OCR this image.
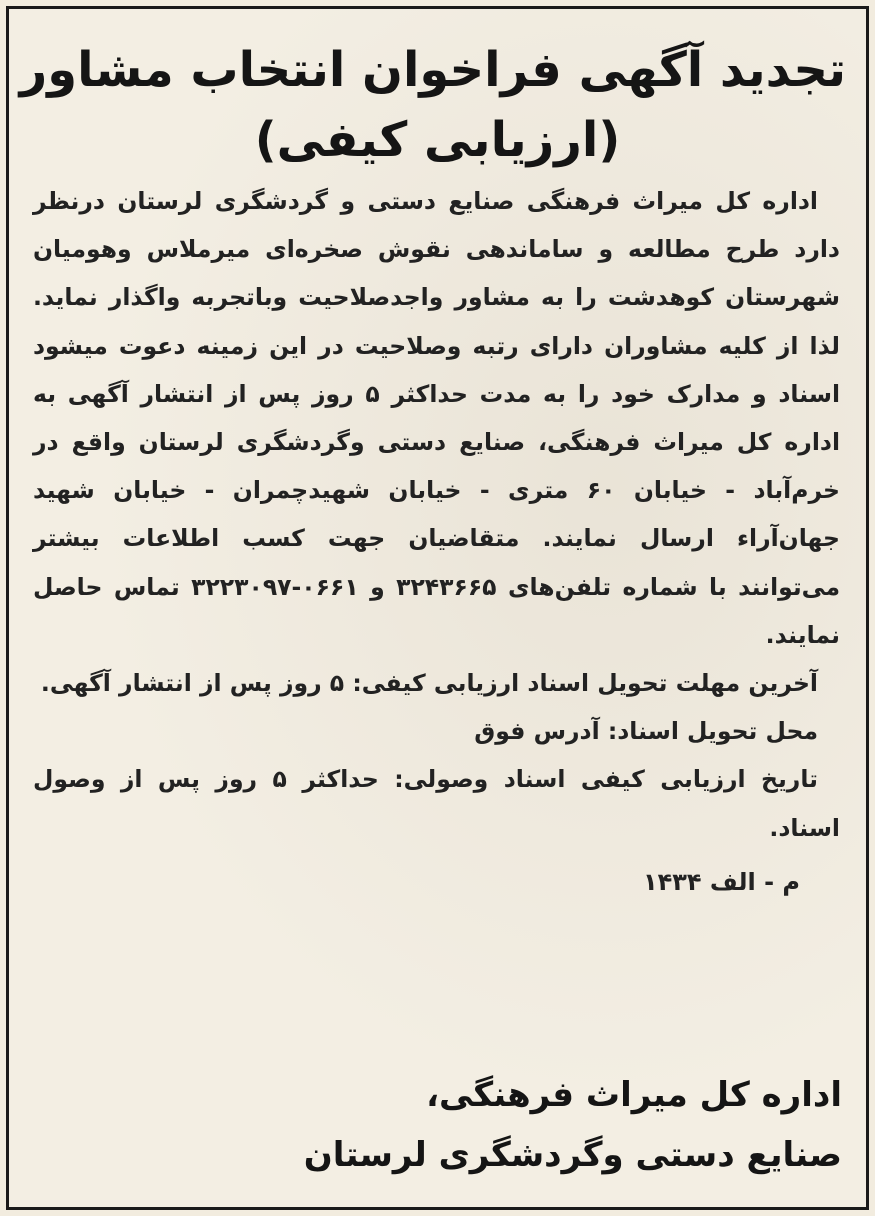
تجدید آگهی فراخوان انتخاب مشاور
(ارزیابی کیفی)

اداره کل میراث فرهنگی صنایع دستی و گردشگری لرستان درنظر دارد طرح مطالعه و ساماندهی نقوش صخره‌ای میرملاس وهومیان شهرستان کوهدشت را به مشاور واجدصلاحیت وباتجربه واگذار نماید. لذا از کلیه مشاوران دارای رتبه وصلاحیت در این زمینه دعوت میشود اسناد و مدارک خود را به مدت حداکثر ۵ روز پس از انتشار آگهی به اداره کل میراث فرهنگی، صنایع دستی وگردشگری لرستان واقع در خرم‌آباد - خیابان ۶۰ متری - خیابان شهیدچمران - خیابان شهید جهان‌آراء ارسال نمایند. متقاضیان جهت کسب اطلاعات بیشتر می‌توانند با شماره تلفن‌های ۳۲۴۳۶۶۵ و ۰۶۶۱-۳۲۲۳۰۹۷ تماس حاصل نمایند.

آخرین مهلت تحویل اسناد ارزیابی کیفی: ۵ روز پس از انتشار آگهی.

محل تحویل اسناد: آدرس فوق

تاریخ ارزیابی کیفی اسناد وصولی: حداکثر ۵ روز پس از وصول اسناد.

م - الف ۱۴۳۴

اداره کل میراث فرهنگی،
صنایع دستی وگردشگری لرستان
